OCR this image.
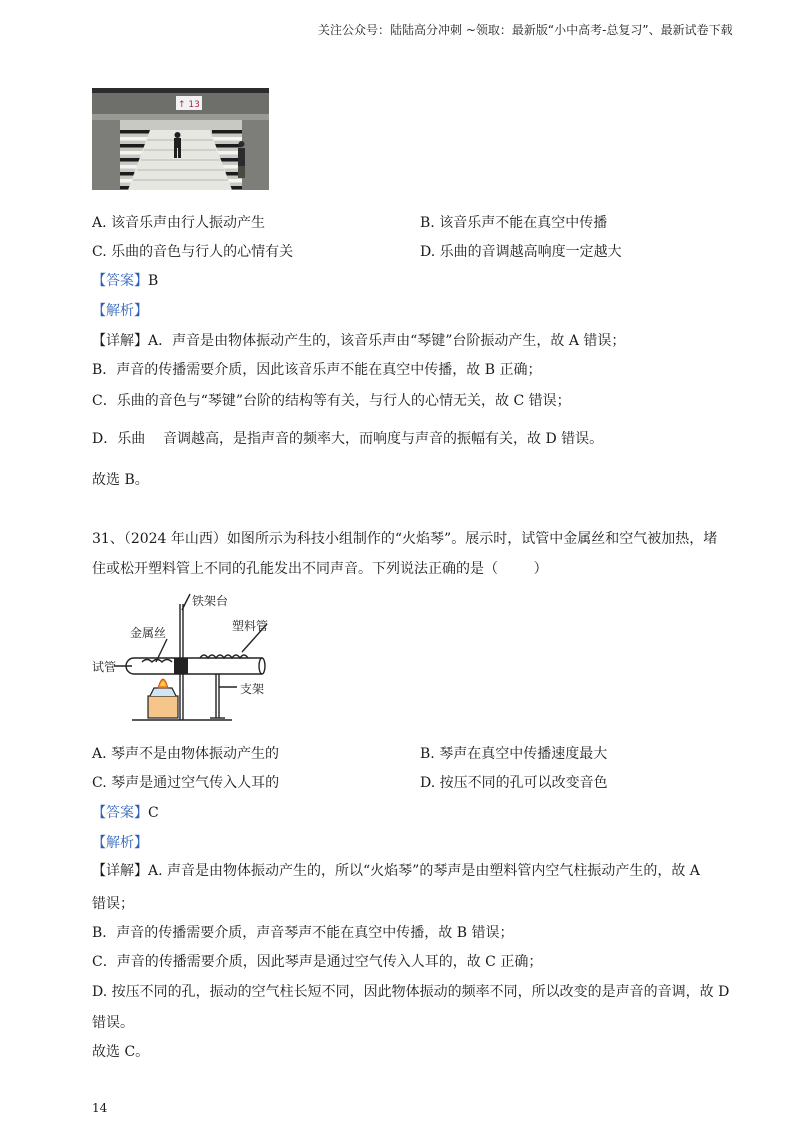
关注公众号：陆陆高分冲刺 ~领取：最新版“小中高考-总复习”、最新试卷下载
↑ 13
A. 该音乐声由行人振动产生	B. 该音乐声不能在真空中传播
C. 乐曲的音色与行人的心情有关	D. 乐曲的音调越高响度一定越大
【答案】B
【解析】
【详解】A．声音是由物体振动产生的，该音乐声由“琴键”台阶振动产生，故 A 错误；
B．声音的传播需要介质，因此该音乐声不能在真空中传播，故 B 正确；
C．乐曲的音色与“琴键”台阶的结构等有关，与行人的心情无关，故 C 错误；
D．乐曲    音调越高，是指声音的频率大，而响度与声音的振幅有关，故 D 错误。
故选 B。
31、（2024 年山西）如图所示为科技小组制作的“火焰琴”。展示时，试管中金属丝和空气被加热，堵
住或松开塑料管上不同的孔能发出不同声音。下列说法正确的是（        ）
铁架台
金属丝	塑料管
试管
支架
A. 琴声不是由物体振动产生的	B. 琴声在真空中传播速度最大
C. 琴声是通过空气传入人耳的	D. 按压不同的孔可以改变音色
【答案】C
【解析】
【详解】A. 声音是由物体振动产生的，所以“火焰琴”的琴声是由塑料管内空气柱振动产生的，故 A
错误；
B．声音的传播需要介质，声音琴声不能在真空中传播，故 B 错误；
C．声音的传播需要介质，因此琴声是通过空气传入人耳的，故 C 正确；
D. 按压不同的孔，振动的空气柱长短不同，因此物体振动的频率不同，所以改变的是声音的音调，故 D
错误。
故选 C。
14
